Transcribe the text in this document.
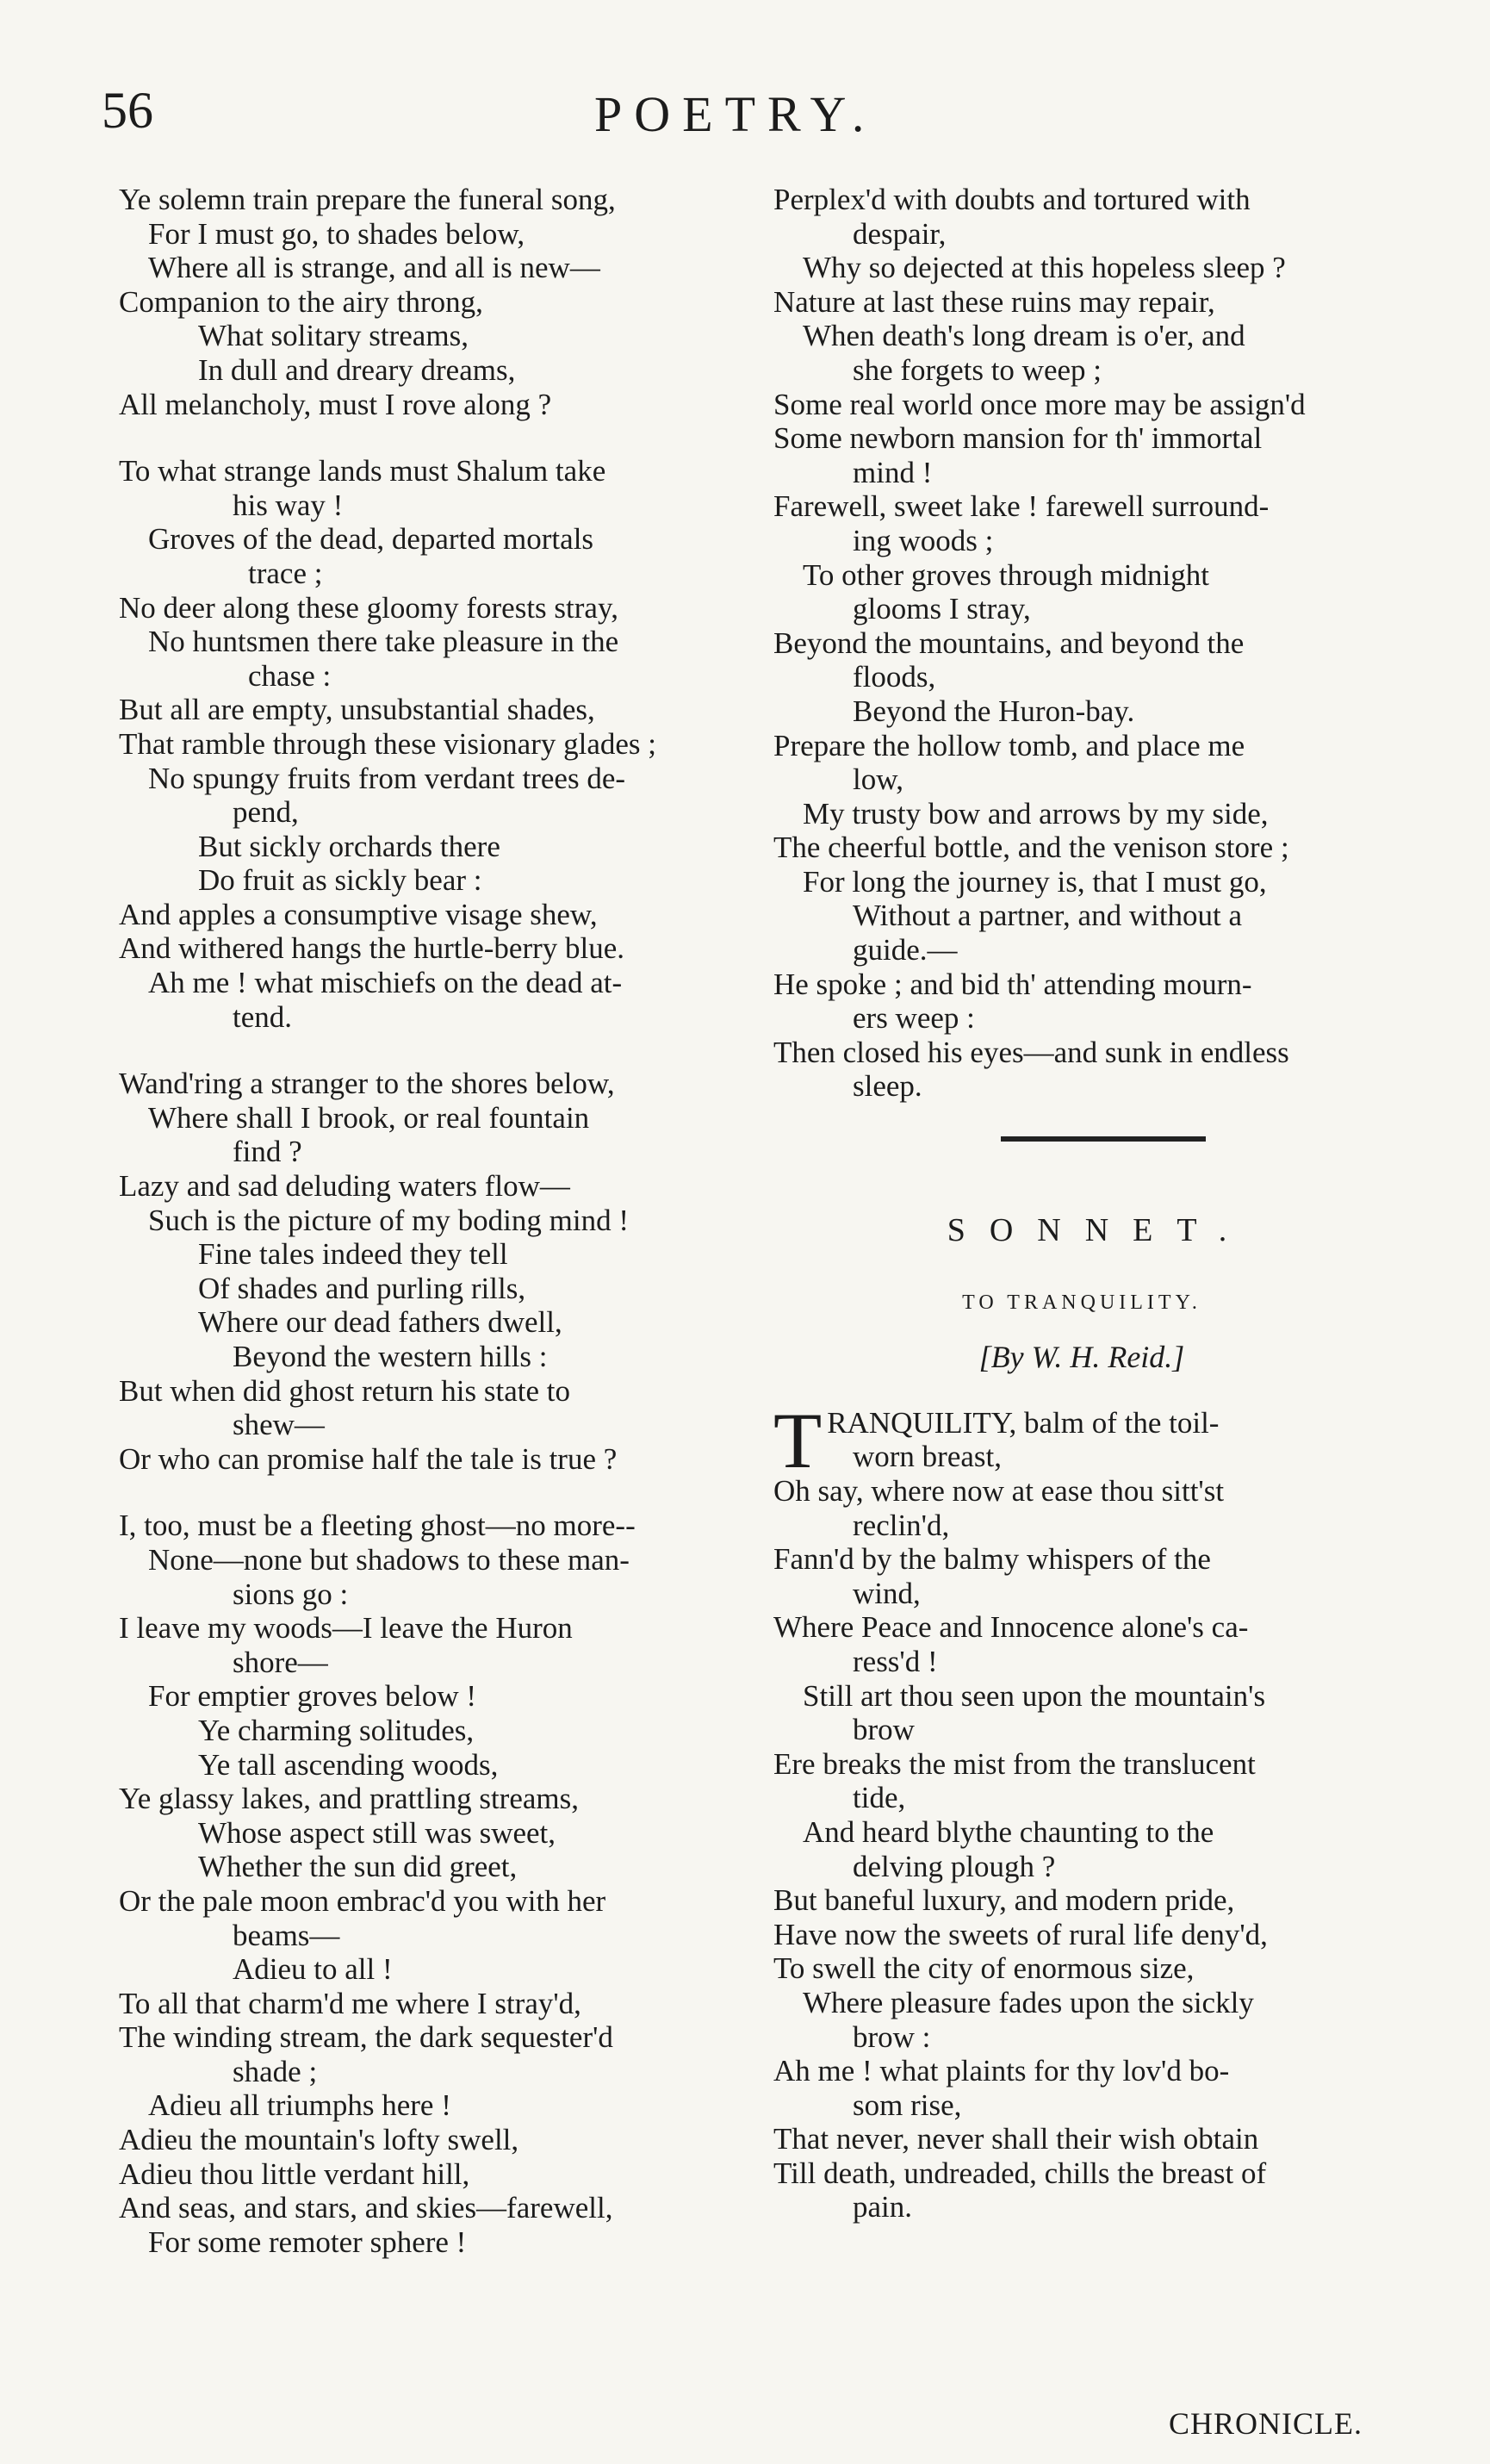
56	POETRY.
Ye solemn train prepare the funeral song,
For I must go, to shades below,
Where all is strange, and all is new—
Companion to the airy throng,
What solitary streams,
In dull and dreary dreams,
All melancholy, must I rove along ?
To what strange lands must Shalum take
his way !
Groves of the dead, departed mortals
trace ;
No deer along these gloomy forests stray,
No huntsmen there take pleasure in the
chase :
But all are empty, unsubstantial shades,
That ramble through these visionary glades ;
No spungy fruits from verdant trees de-
pend,
But sickly orchards there
Do fruit as sickly bear :
And apples a consumptive visage shew,
And withered hangs the hurtle-berry blue.
Ah me ! what mischiefs on the dead at-
tend.
Wand'ring a stranger to the shores below,
Where shall I brook, or real fountain
find ?
Lazy and sad deluding waters flow—
Such is the picture of my boding mind !
Fine tales indeed they tell
Of shades and purling rills,
Where our dead fathers dwell,
Beyond the western hills :
But when did ghost return his state to
shew—
Or who can promise half the tale is true ?
I, too, must be a fleeting ghost—no more--
None—none but shadows to these man-
sions go :
I leave my woods—I leave the Huron
shore—
For emptier groves below !
Ye charming solitudes,
Ye tall ascending woods,
Ye glassy lakes, and prattling streams,
Whose aspect still was sweet,
Whether the sun did greet,
Or the pale moon embrac'd you with her
beams—
Adieu to all !
To all that charm'd me where I stray'd,
The winding stream, the dark sequester'd
shade ;
Adieu all triumphs here !
Adieu the mountain's lofty swell,
Adieu thou little verdant hill,
And seas, and stars, and skies—farewell,
For some remoter sphere !
Perplex'd with doubts and tortured with
despair,
Why so dejected at this hopeless sleep ?
Nature at last these ruins may repair,
When death's long dream is o'er, and
she forgets to weep ;
Some real world once more may be assign'd
Some newborn mansion for th' immortal
mind !
Farewell, sweet lake ! farewell surround-
ing woods ;
To other groves through midnight
glooms I stray,
Beyond the mountains, and beyond the
floods,
Beyond the Huron-bay.
Prepare the hollow tomb, and place me
low,
My trusty bow and arrows by my side,
The cheerful bottle, and the venison store ;
For long the journey is, that I must go,
Without a partner, and without a
guide.—
He spoke ; and bid th' attending mourn-
ers weep :
Then closed his eyes—and sunk in endless
sleep.
SONNET.
TO TRANQUILITY.
[By W. H. Reid.]
TRANQUILITY, balm of the toil-
worn breast,
Oh say, where now at ease thou sitt'st
reclin'd,
Fann'd by the balmy whispers of the
wind,
Where Peace and Innocence alone's ca-
ress'd !
Still art thou seen upon the mountain's
brow
Ere breaks the mist from the translucent
tide,
And heard blythe chaunting to the
delving plough ?
But baneful luxury, and modern pride,
Have now the sweets of rural life deny'd,
To swell the city of enormous size,
Where pleasure fades upon the sickly
brow :
Ah me ! what plaints for thy lov'd bo-
som rise,
That never, never shall their wish obtain
Till death, undreaded, chills the breast of
pain.
CHRONICLE.
